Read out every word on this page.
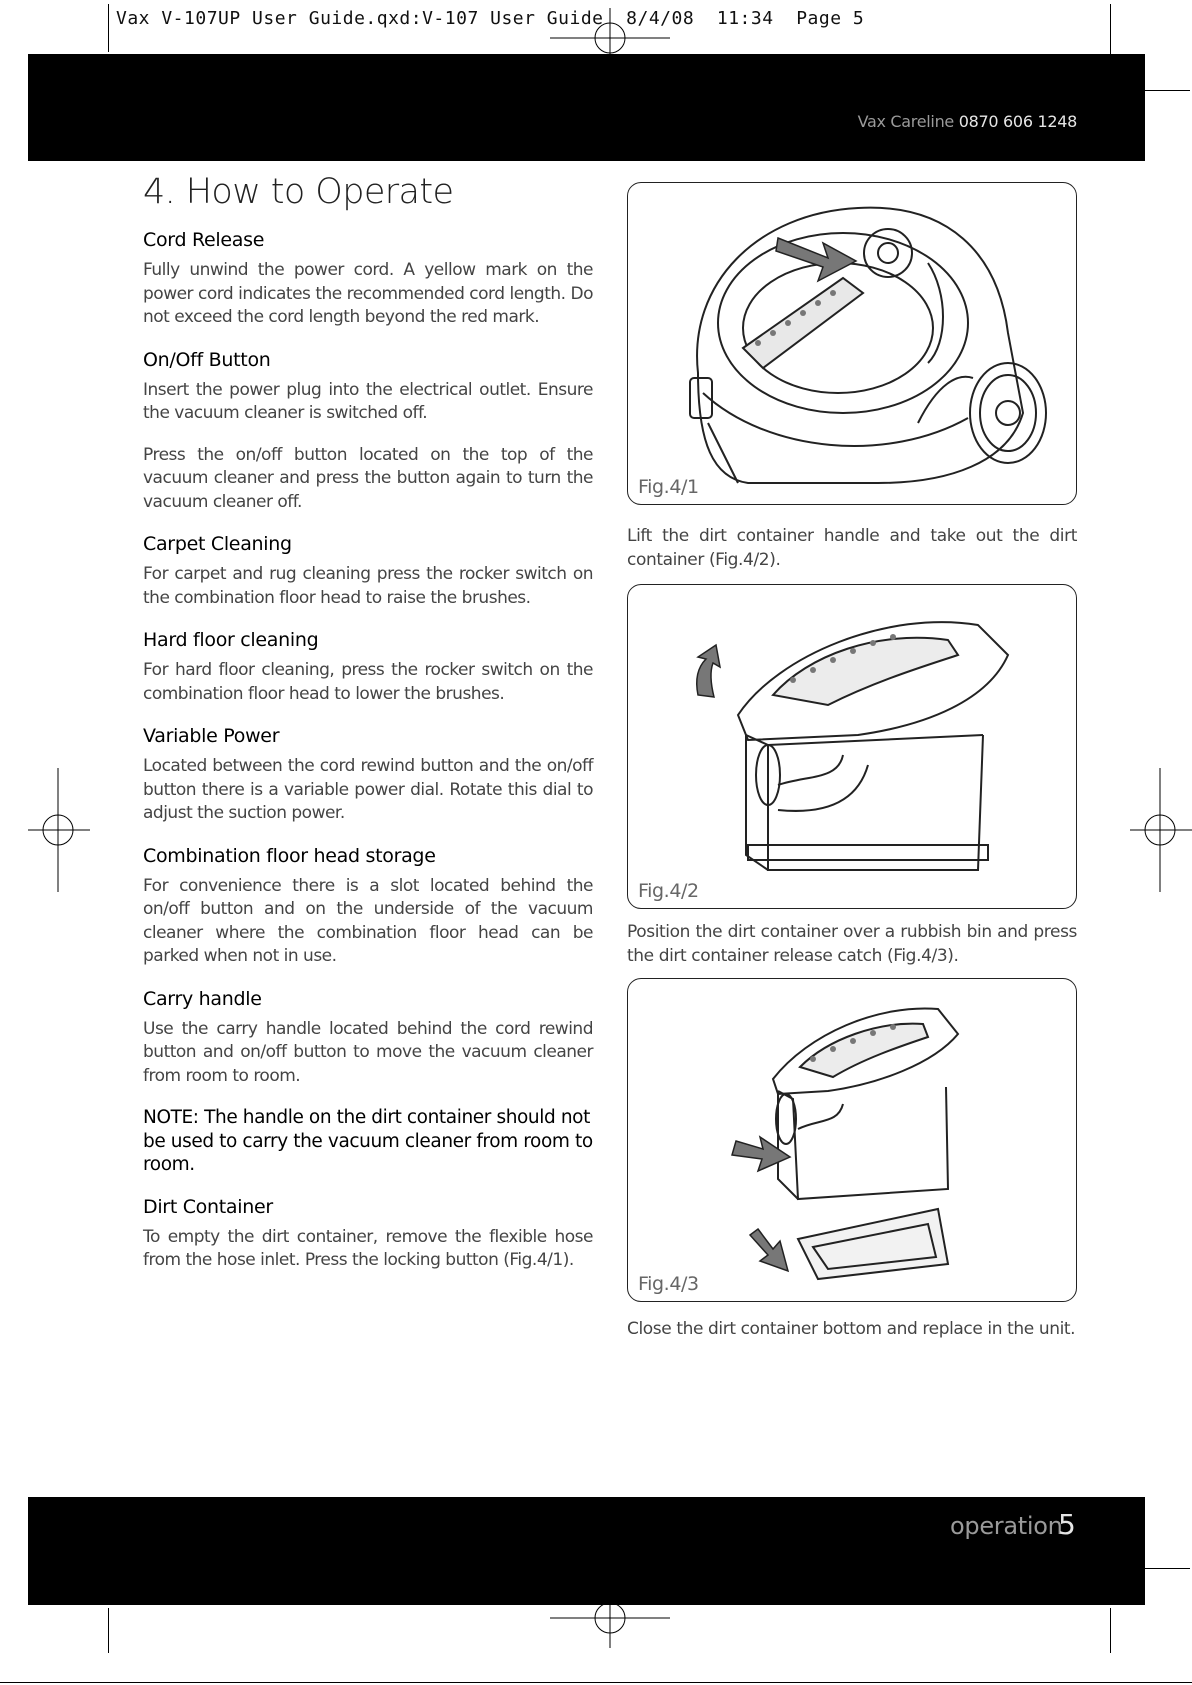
Vax V-107UP User Guide.qxd:V-107 User Guide  8/4/08  11:34  Page 5
Vax Careline 0870 606 1248
4. How to Operate
Cord Release

Fully unwind the power cord. A yellow mark on the power cord indicates the recommended cord length. Do not exceed the cord length beyond the red mark.

On/Off Button

Insert the power plug into the electrical outlet. Ensure the vacuum cleaner is switched off.

Press the on/off button located on the top of the vacuum cleaner and press the button again to turn the vacuum cleaner off.

Carpet Cleaning

For carpet and rug cleaning press the rocker switch on the combination floor head to raise the brushes.

Hard floor cleaning

For hard floor cleaning, press the rocker switch on the combination floor head to lower the brushes.

Variable Power

Located between the cord rewind button and the on/off button there is a variable power dial. Rotate this dial to adjust the suction power.

Combination floor head storage

For convenience there is a slot located behind the on/off button and on the underside of the vacuum cleaner where the combination floor head can be parked when not in use.

Carry handle

Use the carry handle located behind the cord rewind button and on/off button to move the vacuum cleaner from room to room.

NOTE: The handle on the dirt container should not be used to carry the vacuum cleaner from room to room.

Dirt Container

To empty the dirt container, remove the flexible hose from the hose inlet. Press the locking button (Fig.4/1).

Fig.4/1

Lift the dirt container handle and take out the dirt container (Fig.4/2).

Fig.4/2

Position the dirt container over a rubbish bin and press the dirt container release catch (Fig.4/3).

Fig.4/3

Close the dirt container bottom and replace in the unit.

operation
5
